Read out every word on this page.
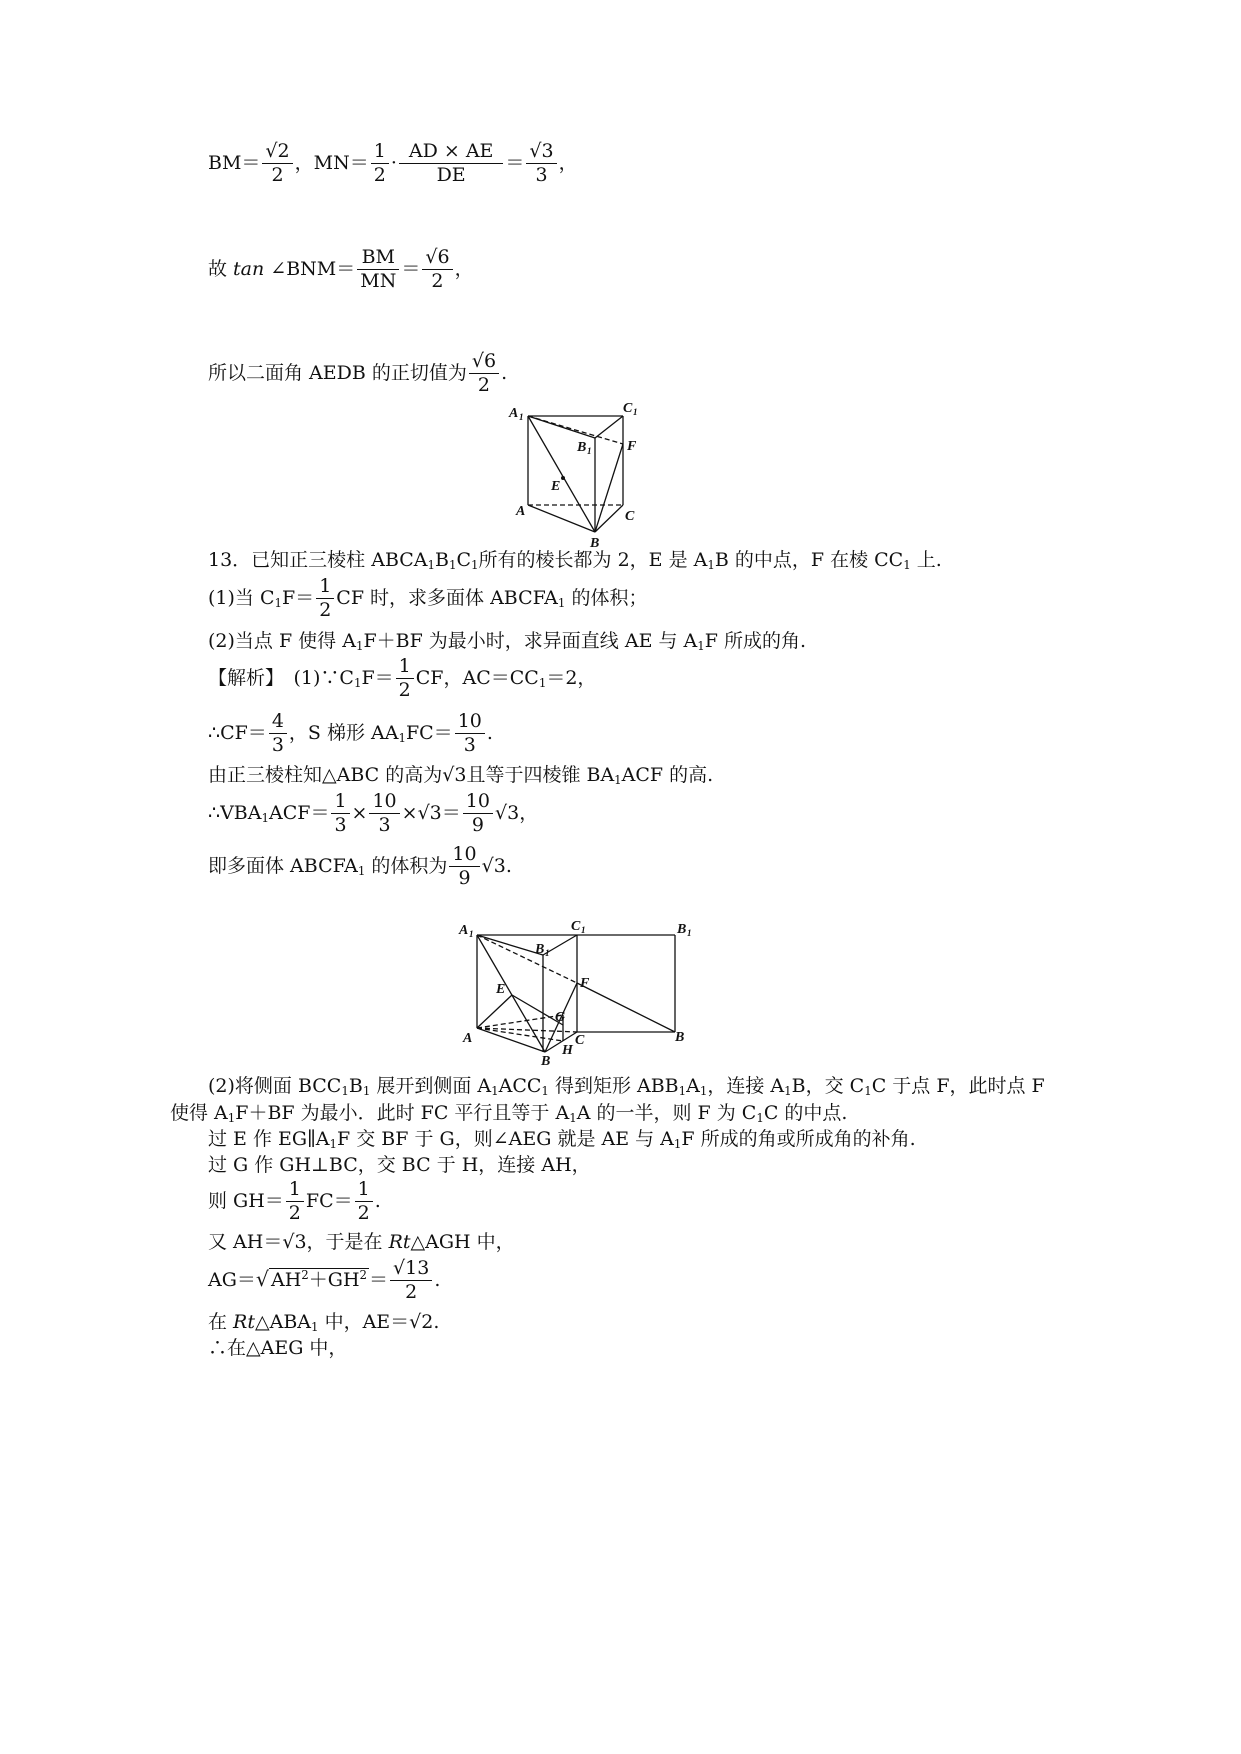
$BM= \frac{√2}{2}$ ，$MN= \frac{1}{2} \cdot \frac{AD \times AE}{DE} = \frac{√3}{3}$ ，
故 tan ∠BNM＝ $\frac{BM}{MN} = \frac{√6}{2}$ ，
所以二面角 AEDB 的正切值为 $\frac{√6}{2}$ .
A 1
C 1
B 1	F
E
A	C
B
13．已知正三棱柱 $ABCA_1B_1C_1$所有的棱长都为 2，E 是 $A_1B$ 的中点，F 在棱 $CC_1$ 上.
(1)当 $C_1F= \frac{1}{2}$ CF 时，求多面体 $ABCFA_1$ 的体积；
(2)当点 F 使得 $A_1F+BF$ 为最小时，求异面直线 AE 与 $A_1F$ 所成的角.
【解析】　$(1)\because C_1F= \frac{1}{2}$ CF，$AC=CC_1=2$，
∴CF＝ $\frac{4}{3}$ ，S 梯形 $AA_1FC= \frac{10}{3}$ .
由正三棱柱知△ABC 的高为√3且等于四棱锥 $BA_1ACF$ 的高.
$\therefore VBA_1ACF= \frac{1}{3} \times \frac{10}{3} \times√3= \frac{10}{9} √3$，
即多面体 $ABCFA_1$ 的体积为 $\frac{10}{9} √3$.
A 1	C 1	B 1
B 1
F
E
G
A	C
H
B
B
(2)将侧面 $BCC_1B_1$ 展开到侧面 $A_1ACC_1$ 得到矩形 $ABB_1A_1$，连接 $A_1B$，交 $C_1C$ 于点 F，此时点 F
使得 $A_1F+BF$ 为最小．此时 FC 平行且等于 $A_1A$ 的一半，则 F 为 $C_1C$ 的中点.
过 E 作 $EG\parallel A_1F$ 交 BF 于 G，则∠AEG 就是 AE 与 $A_1F$ 所成的角或所成角的补角.
过 G 作 GH⊥BC，交 BC 于 H，连接 AH，
则 $GH= \frac{1}{2} FC= \frac{1}{2}$ .
又 AH＝√3，于是在 Rt△AGH 中，
AG＝√ $AH^2+GH^2 = \frac{√13}{2}$ .
在 $Rt\triangle ABA_1$ 中，AE＝√2.
∴在△AEG 中，
